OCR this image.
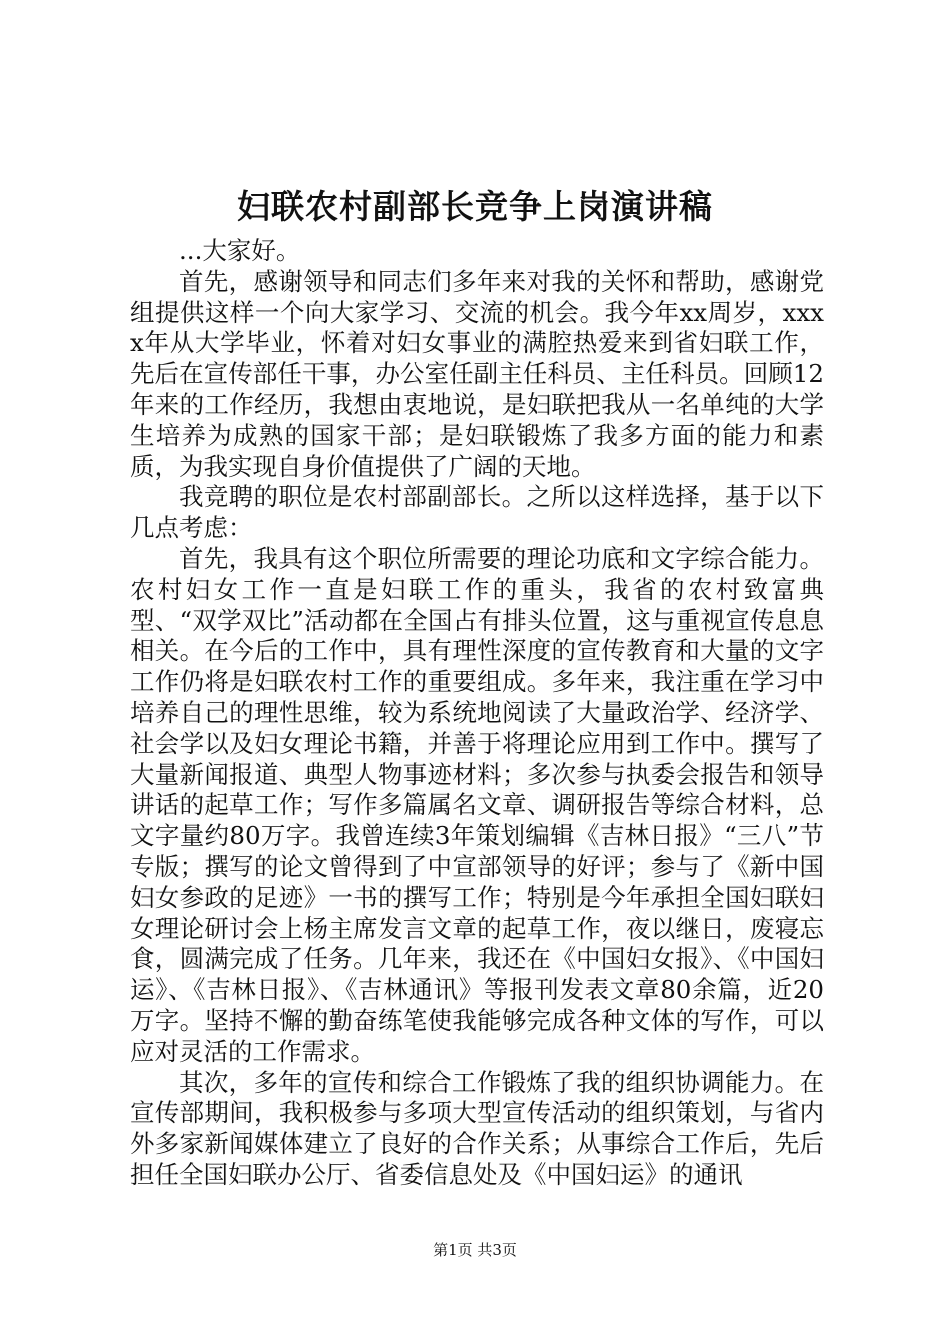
妇联农村副部长竞争上岗演讲稿

...大家好。

首先，感谢领导和同志们多年来对我的关怀和帮助，感谢党组提供这样一个向大家学习、交流的机会。我今年xx周岁，xxxx年从大学毕业，怀着对妇女事业的满腔热爱来到省妇联工作，先后在宣传部任干事，办公室任副主任科员、主任科员。回顾12年来的工作经历，我想由衷地说，是妇联把我从一名单纯的大学生培养为成熟的国家干部；是妇联锻炼了我多方面的能力和素质，为我实现自身价值提供了广阔的天地。

我竞聘的职位是农村部副部长。之所以这样选择，基于以下几点考虑：

首先，我具有这个职位所需要的理论功底和文字综合能力。农村妇女工作一直是妇联工作的重头，我省的农村致富典型、“双学双比”活动都在全国占有排头位置，这与重视宣传息息相关。在今后的工作中，具有理性深度的宣传教育和大量的文字工作仍将是妇联农村工作的重要组成。多年来，我注重在学习中培养自己的理性思维，较为系统地阅读了大量政治学、经济学、社会学以及妇女理论书籍，并善于将理论应用到工作中。撰写了大量新闻报道、典型人物事迹材料；多次参与执委会报告和领导讲话的起草工作；写作多篇属名文章、调研报告等综合材料，总文字量约80万字。我曾连续3年策划编辑《吉林日报》“三八”节专版；撰写的论文曾得到了中宣部领导的好评；参与了《新中国妇女参政的足迹》一书的撰写工作；特别是今年承担全国妇联妇女理论研讨会上杨主席发言文章的起草工作，夜以继日，废寝忘食，圆满完成了任务。几年来，我还在《中国妇女报》、《中国妇运》、《吉林日报》、《吉林通讯》等报刊发表文章80余篇，近20万字。坚持不懈的勤奋练笔使我能够完成各种文体的写作，可以应对灵活的工作需求。

其次，多年的宣传和综合工作锻炼了我的组织协调能力。在宣传部期间，我积极参与多项大型宣传活动的组织策划，与省内外多家新闻媒体建立了良好的合作关系；从事综合工作后，先后担任全国妇联办公厅、省委信息处及《中国妇运》的通讯

第1页 共3页
